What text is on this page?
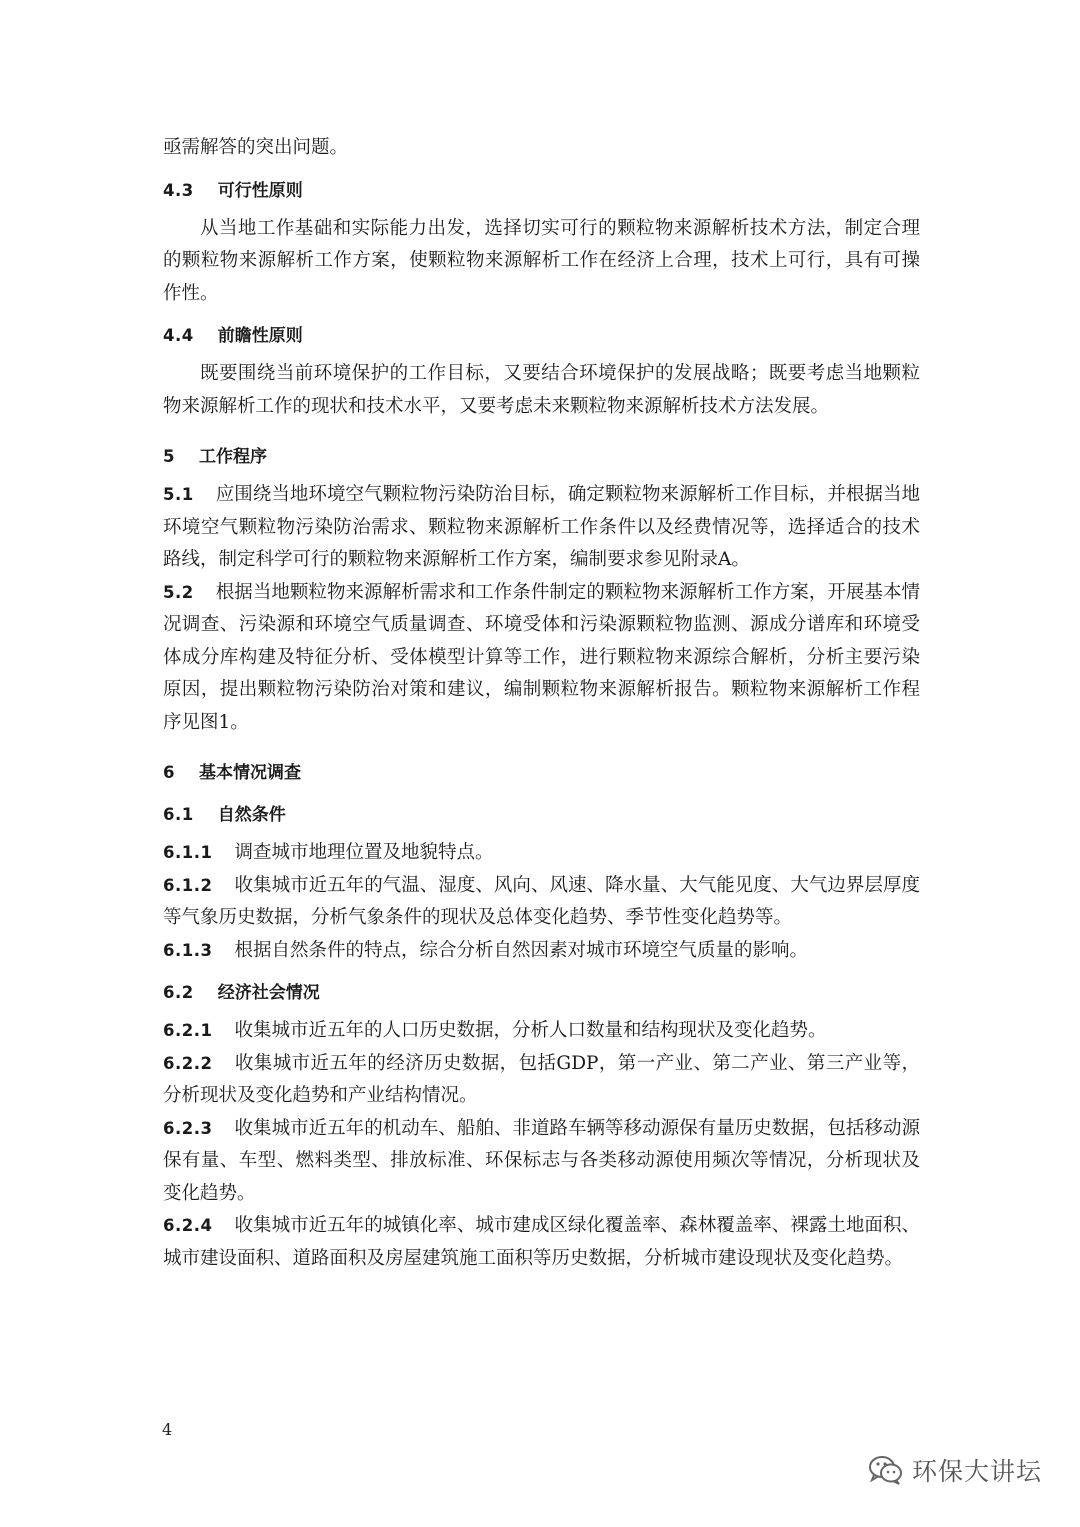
亟需解答的突出问题。

4.3 可行性原则

从当地工作基础和实际能力出发，选择切实可行的颗粒物来源解析技术方法，制定合理的颗粒物来源解析工作方案，使颗粒物来源解析工作在经济上合理，技术上可行，具有可操作性。

4.4 前瞻性原则

既要围绕当前环境保护的工作目标，又要结合环境保护的发展战略；既要考虑当地颗粒物来源解析工作的现状和技术水平，又要考虑未来颗粒物来源解析技术方法发展。

5 工作程序

5.1 应围绕当地环境空气颗粒物污染防治目标，确定颗粒物来源解析工作目标，并根据当地环境空气颗粒物污染防治需求、颗粒物来源解析工作条件以及经费情况等，选择适合的技术路线，制定科学可行的颗粒物来源解析工作方案，编制要求参见附录A。

5.2 根据当地颗粒物来源解析需求和工作条件制定的颗粒物来源解析工作方案，开展基本情况调查、污染源和环境空气质量调查、环境受体和污染源颗粒物监测、源成分谱库和环境受体成分库构建及特征分析、受体模型计算等工作，进行颗粒物来源综合解析，分析主要污染原因，提出颗粒物污染防治对策和建议，编制颗粒物来源解析报告。颗粒物来源解析工作程序见图1。

6 基本情况调查

6.1 自然条件

6.1.1 调查城市地理位置及地貌特点。

6.1.2 收集城市近五年的气温、湿度、风向、风速、降水量、大气能见度、大气边界层厚度等气象历史数据，分析气象条件的现状及总体变化趋势、季节性变化趋势等。

6.1.3 根据自然条件的特点，综合分析自然因素对城市环境空气质量的影响。

6.2 经济社会情况

6.2.1 收集城市近五年的人口历史数据，分析人口数量和结构现状及变化趋势。

6.2.2 收集城市近五年的经济历史数据，包括GDP，第一产业、第二产业、第三产业等，分析现状及变化趋势和产业结构情况。

6.2.3 收集城市近五年的机动车、船舶、非道路车辆等移动源保有量历史数据，包括移动源保有量、车型、燃料类型、排放标准、环保标志与各类移动源使用频次等情况，分析现状及变化趋势。

6.2.4 收集城市近五年的城镇化率、城市建成区绿化覆盖率、森林覆盖率、裸露土地面积、城市建设面积、道路面积及房屋建筑施工面积等历史数据，分析城市建设现状及变化趋势。

4
环保大讲坛
